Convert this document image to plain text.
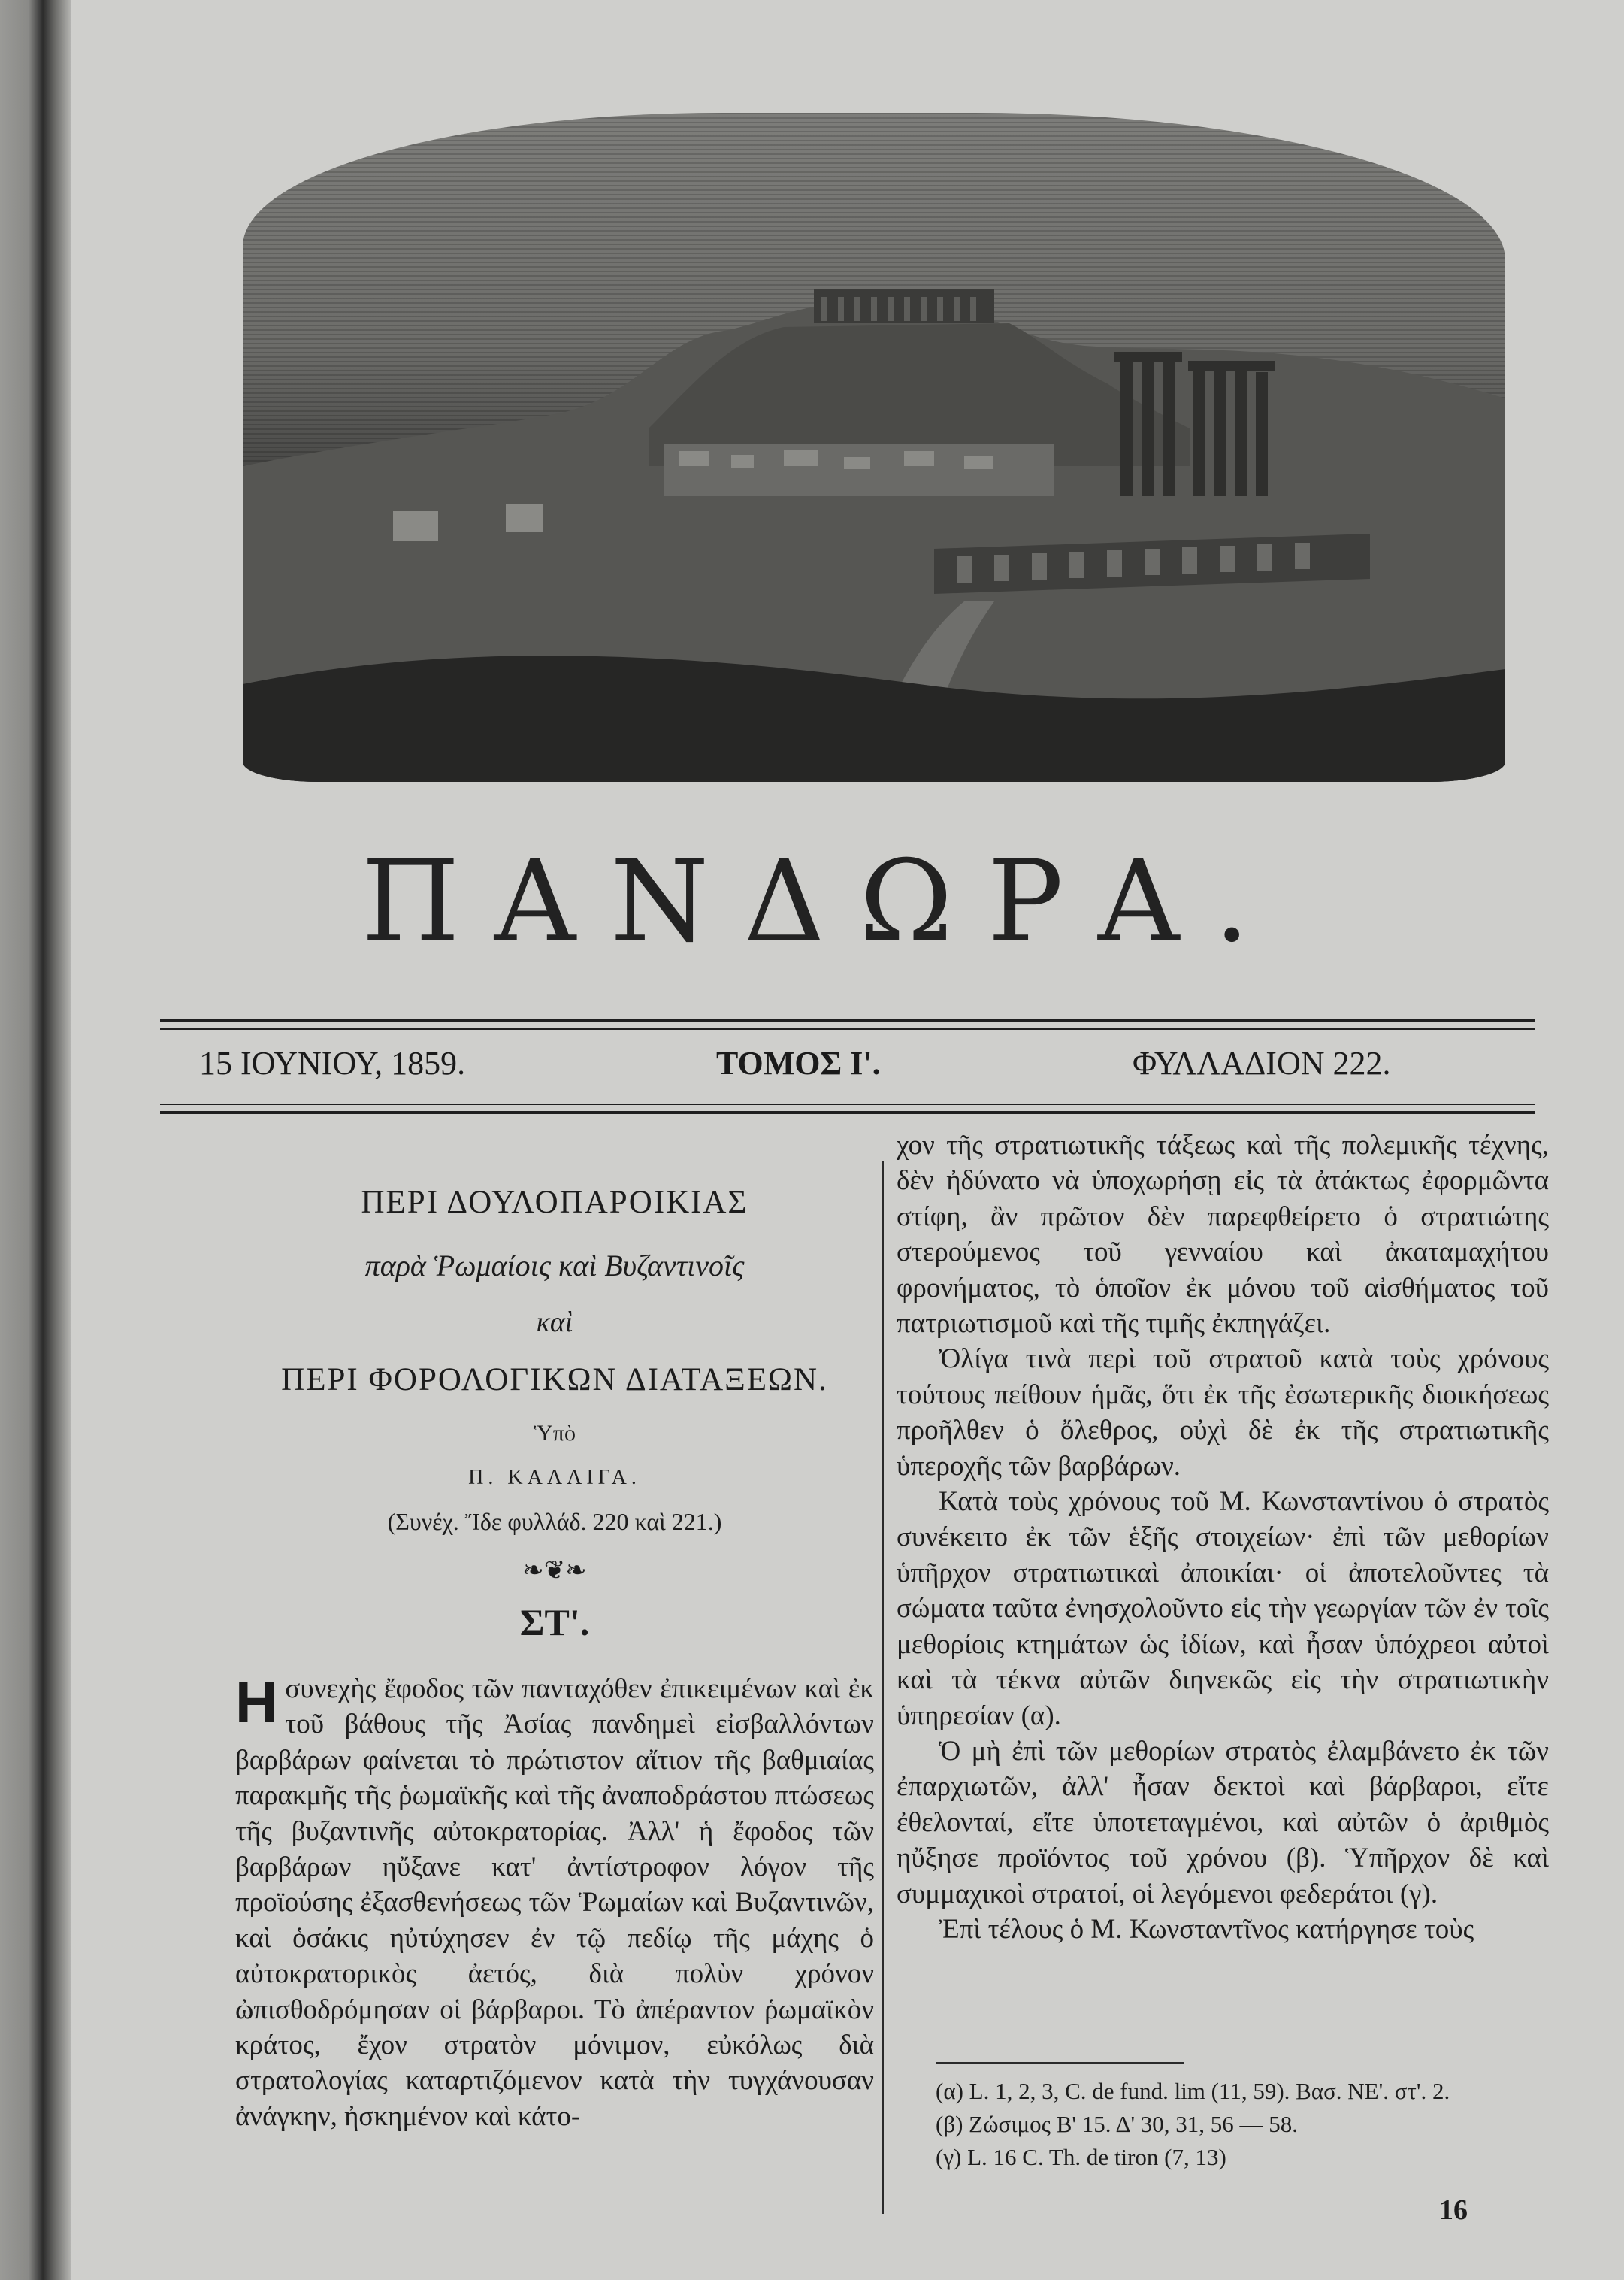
ΠΑΝΔΩΡΑ.
15 ΙΟΥΝΙΟΥ, 1859.	ΤΟΜΟΣ Ι'.	ΦΥΛΛΑΔΙΟΝ 222.
ΠΕΡΙ ΔΟΥΛΟΠΑΡΟΙΚΙΑΣ
παρὰ Ῥωμαίοις καὶ Βυζαντινοῖς
καὶ
ΠΕΡΙ ΦΟΡΟΛΟΓΙΚΩΝ ΔΙΑΤΑΞΕΩΝ.
Ὑπὸ
Π. ΚΑΛΛΙΓΑ.
(Συνέχ. Ἴδε φυλλάδ. 220 καὶ 221.)
❧❦❧
ΣΤ'.
Η συνεχὴς ἔφοδος τῶν πανταχόθεν ἐπικειμένων καὶ ἐκ τοῦ βάθους τῆς Ἀσίας πανδημεὶ εἰσβαλλόντων βαρβάρων φαίνεται τὸ πρώτιστον αἴτιον τῆς βαθμιαίας παρακμῆς τῆς ῥωμαϊκῆς καὶ τῆς ἀναποδράστου πτώσεως τῆς βυζαντινῆς αὐτοκρατορίας. Ἀλλ' ἡ ἔφοδος τῶν βαρβάρων ηὔξανε κατ' ἀντίστροφον λόγον τῆς προϊούσης ἐξασθενήσεως τῶν Ῥωμαίων καὶ Βυζαντινῶν, καὶ ὁσάκις ηὐτύχησεν ἐν τῷ πεδίῳ τῆς μάχης ὁ αὐτοκρατορικὸς ἀετός, διὰ πολὺν χρόνον ὠπισθοδρόμησαν οἱ βάρβαροι. Τὸ ἀπέραντον ῥωμαϊκὸν κράτος, ἔχον στρατὸν μόνιμον, εὐκόλως διὰ στρατολογίας καταρτιζόμενον κατὰ τὴν τυγχάνουσαν ἀνάγκην, ἠσκημένον καὶ κάτο-

χον τῆς στρατιωτικῆς τάξεως καὶ τῆς πολεμικῆς τέχνης, δὲν ἠδύνατο νὰ ὑποχωρήσῃ εἰς τὰ ἀτάκτως ἐφορμῶντα στίφη, ἂν πρῶτον δὲν παρεφθείρετο ὁ στρατιώτης στερούμενος τοῦ γενναίου καὶ ἀκαταμαχήτου φρονήματος, τὸ ὁποῖον ἐκ μόνου τοῦ αἰσθήματος τοῦ πατριωτισμοῦ καὶ τῆς τιμῆς ἐκπηγάζει.

Ὀλίγα τινὰ περὶ τοῦ στρατοῦ κατὰ τοὺς χρόνους τούτους πείθουν ἡμᾶς, ὅτι ἐκ τῆς ἐσωτερικῆς διοικήσεως προῆλθεν ὁ ὄλεθρος, οὐχὶ δὲ ἐκ τῆς στρατιωτικῆς ὑπεροχῆς τῶν βαρβάρων.

Κατὰ τοὺς χρόνους τοῦ Μ. Κωνσταντίνου ὁ στρατὸς συνέκειτο ἐκ τῶν ἑξῆς στοιχείων· ἐπὶ τῶν μεθορίων ὑπῆρχον στρατιωτικαὶ ἀποικίαι· οἱ ἀποτελοῦντες τὰ σώματα ταῦτα ἐνησχολοῦντο εἰς τὴν γεωργίαν τῶν ἐν τοῖς μεθορίοις κτημάτων ὡς ἰδίων, καὶ ἦσαν ὑπόχρεοι αὐτοὶ καὶ τὰ τέκνα αὐτῶν διηνεκῶς εἰς τὴν στρατιωτικὴν ὑπηρεσίαν (α).

Ὁ μὴ ἐπὶ τῶν μεθορίων στρατὸς ἐλαμβάνετο ἐκ τῶν ἐπαρχιωτῶν, ἀλλ' ἦσαν δεκτοὶ καὶ βάρβαροι, εἴτε ἐθελονταί, εἴτε ὑποτεταγμένοι, καὶ αὐτῶν ὁ ἀριθμὸς ηὔξησε προϊόντος τοῦ χρόνου (β). Ὑπῆρχον δὲ καὶ συμμαχικοὶ στρατοί, οἱ λεγόμενοι φεδεράτοι (γ).

Ἐπὶ τέλους ὁ Μ. Κωνσταντῖνος κατήργησε τοὺς

(α) L. 1, 2, 3, C. de fund. lim (11, 59). Βασ. ΝΕ'. στ'. 2.
(β) Ζώσιμος Β' 15. Δ' 30, 31, 56 — 58.
(γ) L. 16 C. Th. de tiron (7, 13)
16
